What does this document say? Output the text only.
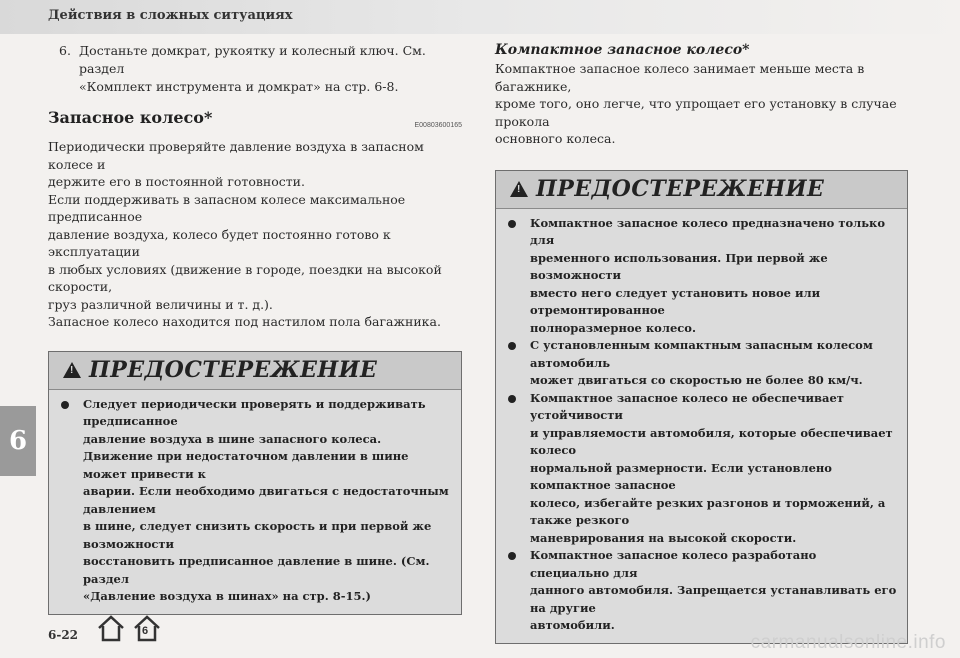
Действия в сложных ситуациях
6. Достаньте домкрат, рукоятку и колесный ключ. См. раздел
«Комплект инструмента и домкрат» на стр. 6-8.
Запасное колесо*	E00803600165
Периодически проверяйте давление воздуха в запасном колесе и
держите его в постоянной готовности.
Если поддерживать в запасном колесе максимальное предписанное
давление воздуха, колесо будет постоянно готово к эксплуатации
в любых условиях (движение в городе, поездки на высокой скорости,
груз различной величины и т. д.).
Запасное колесо находится под настилом пола багажника.
!
ПРЕДОСТЕРЕЖЕНИЕ
Следует периодически проверять и поддерживать предписанное
давление воздуха в шине запасного колеса.
Движение при недостаточном давлении в шине может привести к
аварии. Если необходимо двигаться с недостаточным давлением
в шине, следует снизить скорость и при первой же возможности
восстановить предписанное давление в шине. (См. раздел
«Давление воздуха в шинах» на стр. 8-15.)
Компактное запасное колесо*
Компактное запасное колесо занимает меньше места в багажнике,
кроме того, оно легче, что упрощает его установку в случае прокола
основного колеса.
!
ПРЕДОСТЕРЕЖЕНИЕ
Компактное запасное колесо предназначено только для
временного использования. При первой же возможности
вместо него следует установить новое или отремонтированное
полноразмерное колесо.
С установленным компактным запасным колесом автомобиль
может двигаться со скоростью не более 80 км/ч.
Компактное запасное колесо не обеспечивает устойчивости
и управляемости автомобиля, которые обеспечивает колесо
нормальной размерности. Если установлено компактное запасное
колесо, избегайте резких разгонов и торможений, а также резкого
маневрирования на высокой скорости.
Компактное запасное колесо разработано специально для
данного автомобиля. Запрещается устанавливать его на другие
автомобили.
6
6-22	6
carmanualsonline.info
